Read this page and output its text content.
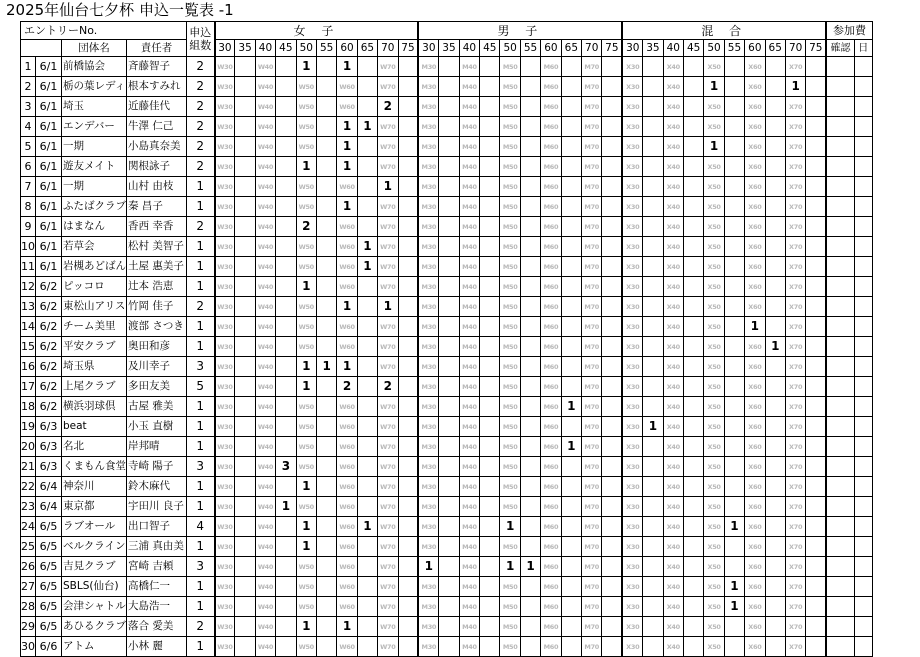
2025年仙台七夕杯 申込一覧表 -1
エントリーNo.				申込
組数	女 子										男 子										混 合										参加費	
		団体名	責任者		30	35	40	45	50	55	60	65	70	75	30	35	40	45	50	55	60	65	70	75	30	35	40	45	50	55	60	65	70	75	確認	日
1	6/1	前橋協会	斉藤智子	2	W30		W40		1		1		W70		M30		M40		M50		M60		M70		X30		X40		X50		X60		X70			
2	6/1	栃の葉レディ	根本すみれ	2	W30		W40		W50		W60		W70		M30		M40		M50		M60		M70		X30		X40		1		X60		1			
3	6/1	埼玉	近藤佳代	2	W30		W40		W50		W60		2		M30		M40		M50		M60		M70		X30		X40		X50		X60		X70			
4	6/1	エンデバー	牛澤 仁己	2	W30		W40		W50		1	1	W70		M30		M40		M50		M60		M70		X30		X40		X50		X60		X70			
5	6/1	一期	小島真奈美	2	W30		W40		W50		1		W70		M30		M40		M50		M60		M70		X30		X40		1		X60		X70			
6	6/1	遊友メイト	関根詠子	2	W30		W40		1		1		W70		M30		M40		M50		M60		M70		X30		X40		X50		X60		X70			
7	6/1	一期	山村 由枝	1	W30		W40		W50		W60		1		M30		M40		M50		M60		M70		X30		X40		X50		X60		X70			
8	6/1	ふたばクラブ	秦 昌子	1	W30		W40		W50		1		W70		M30		M40		M50		M60		M70		X30		X40		X50		X60		X70			
9	6/1	はまなん	香西 幸香	2	W30		W40		2		W60		W70		M30		M40		M50		M60		M70		X30		X40		X50		X60		X70			
10	6/1	若草会	松村 美智子	1	W30		W40		W50		W60	1	W70		M30		M40		M50		M60		M70		X30		X40		X50		X60		X70			
11	6/1	岩槻あどばん	土屋 惠美子	1	W30		W40		W50		W60	1	W70		M30		M40		M50		M60		M70		X30		X40		X50		X60		X70			
12	6/2	ピッコロ	辻本 浩恵	1	W30		W40		1		W60		W70		M30		M40		M50		M60		M70		X30		X40		X50		X60		X70			
13	6/2	東松山アリス	竹岡 佳子	2	W30		W40		W50		1		1		M30		M40		M50		M60		M70		X30		X40		X50		X60		X70			
14	6/2	チーム美里	渡部 さつき	1	W30		W40		W50		W60		W70		M30		M40		M50		M60		M70		X30		X40		X50		1		X70			
15	6/2	平安クラブ	奥田和彦	1	W30		W40		W50		W60		W70		M30		M40		M50		M60		M70		X30		X40		X50		X60	1	X70			
16	6/2	埼玉県	及川幸子	3	W30		W40		1	1	1		W70		M30		M40		M50		M60		M70		X30		X40		X50		X60		X70			
17	6/2	上尾クラブ	多田友美	5	W30		W40		1		2		2		M30		M40		M50		M60		M70		X30		X40		X50		X60		X70			
18	6/2	横浜羽球倶	古屋 雅美	1	W30		W40		W50		W60		W70		M30		M40		M50		M60	1	M70		X30		X40		X50		X60		X70			
19	6/3	beat	小玉 直樹	1	W30		W40		W50		W60		W70		M30		M40		M50		M60		M70		X30	1	X40		X50		X60		X70			
20	6/3	名北	岸邦晴	1	W30		W40		W50		W60		W70		M30		M40		M50		M60	1	M70		X30		X40		X50		X60		X70			
21	6/3	くまもん食堂	寺崎 陽子	3	W30		W40	3	W50		W60		W70		M30		M40		M50		M60		M70		X30		X40		X50		X60		X70			
22	6/4	神奈川	鈴木麻代	1	W30		W40		1		W60		W70		M30		M40		M50		M60		M70		X30		X40		X50		X60		X70			
23	6/4	東京都	宇田川 良子	1	W30		W40	1	W50		W60		W70		M30		M40		M50		M60		M70		X30		X40		X50		X60		X70			
24	6/5	ラブオール	出口智子	4	W30		W40		1		W60	1	W70		M30		M40		1		M60		M70		X30		X40		X50	1	X60		X70			
25	6/5	ベルクライン	三浦 真由美	1	W30		W40		1		W60		W70		M30		M40		M50		M60		M70		X30		X40		X50		X60		X70			
26	6/5	吉見クラブ	宮崎 吉頼	3	W30		W40		W50		W60		W70		1		M40		1	1	M60		M70		X30		X40		X50		X60		X70			
27	6/5	SBLS(仙台)	高橋仁一	1	W30		W40		W50		W60		W70		M30		M40		M50		M60		M70		X30		X40		X50	1	X60		X70			
28	6/5	会津シャトル	大島浩一	1	W30		W40		W50		W60		W70		M30		M40		M50		M60		M70		X30		X40		X50	1	X60		X70			
29	6/5	あひるクラブ	落合 愛美	2	W30		W40		1		1		W70		M30		M40		M50		M60		M70		X30		X40		X50		X60		X70			
30	6/6	アトム	小林 麗	1	W30		W40		W50		W60		W70		M30		M40		M50		M60		M70		X30		X40		X50		X60		X70			
